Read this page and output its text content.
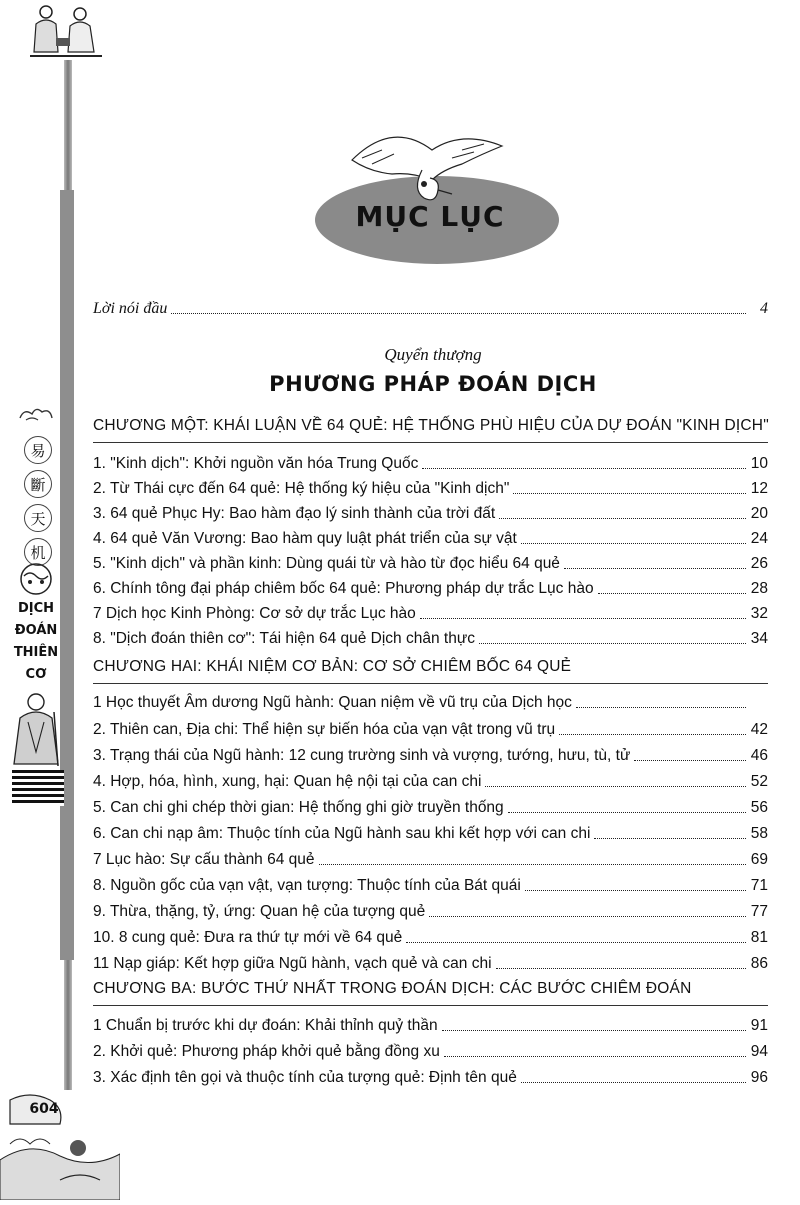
易
斷
天
机
DỊCH
ĐOÁN
THIÊN
CƠ
604
MỤC LỤC
Lời nói đầu	4
Quyển thượng
PHƯƠNG PHÁP ĐOÁN DỊCH
CHƯƠNG MỘT: KHÁI LUẬN VỀ 64 QUẺ: HỆ THỐNG PHÙ HIỆU CỦA DỰ ĐOÁN "KINH DỊCH"
1. "Kinh dịch": Khởi nguồn văn hóa Trung Quốc	10
2. Từ Thái cực đến 64 quẻ: Hệ thống ký hiệu của "Kinh dịch"	12
3. 64 quẻ Phục Hy: Bao hàm đạo lý sinh thành của trời đất	20
4. 64 quẻ Văn Vương: Bao hàm quy luật phát triển của sự vật	24
5. "Kinh dịch" và phần kinh: Dùng quái từ và hào từ đọc hiểu 64 quẻ	26
6. Chính tông đại pháp chiêm bốc 64 quẻ: Phương pháp dự trắc Lục hào	28
7 Dịch học Kinh Phòng: Cơ sở dự trắc Lục hào	32
8. "Dịch đoán thiên cơ": Tái hiện 64 quẻ Dịch chân thực	34
CHƯƠNG HAI: KHÁI NIỆM CƠ BẢN: CƠ SỞ CHIÊM BỐC 64 QUẺ
1 Học thuyết Âm dương Ngũ hành: Quan niệm về vũ trụ của Dịch học
2. Thiên can, Địa chi: Thể hiện sự biến hóa của vạn vật trong vũ trụ	42
3. Trạng thái của Ngũ hành: 12 cung trường sinh và vượng, tướng, hưu, tù, tử	46
4. Hợp, hóa, hình, xung, hại: Quan hệ nội tại của can chi	52
5. Can chi ghi chép thời gian: Hệ thống ghi giờ truyền thống	56
6. Can chi nạp âm: Thuộc tính của Ngũ hành sau khi kết hợp với can chi	58
7 Lục hào: Sự cấu thành 64 quẻ	69
8. Nguồn gốc của vạn vật, vạn tượng: Thuộc tính của Bát quái	71
9. Thừa, thặng, tỷ, ứng: Quan hệ của tượng quẻ	77
10. 8 cung quẻ: Đưa ra thứ tự mới về 64 quẻ	81
11 Nạp giáp: Kết hợp giữa Ngũ hành, vạch quẻ và can chi	86
CHƯƠNG BA: BƯỚC THỨ NHẤT TRONG ĐOÁN DỊCH: CÁC BƯỚC CHIÊM ĐOÁN
1 Chuẩn bị trước khi dự đoán: Khải thỉnh quỷ thần	91
2. Khởi quẻ: Phương pháp khởi quẻ bằng đồng xu	94
3. Xác định tên gọi và thuộc tính của tượng quẻ: Định tên quẻ	96
